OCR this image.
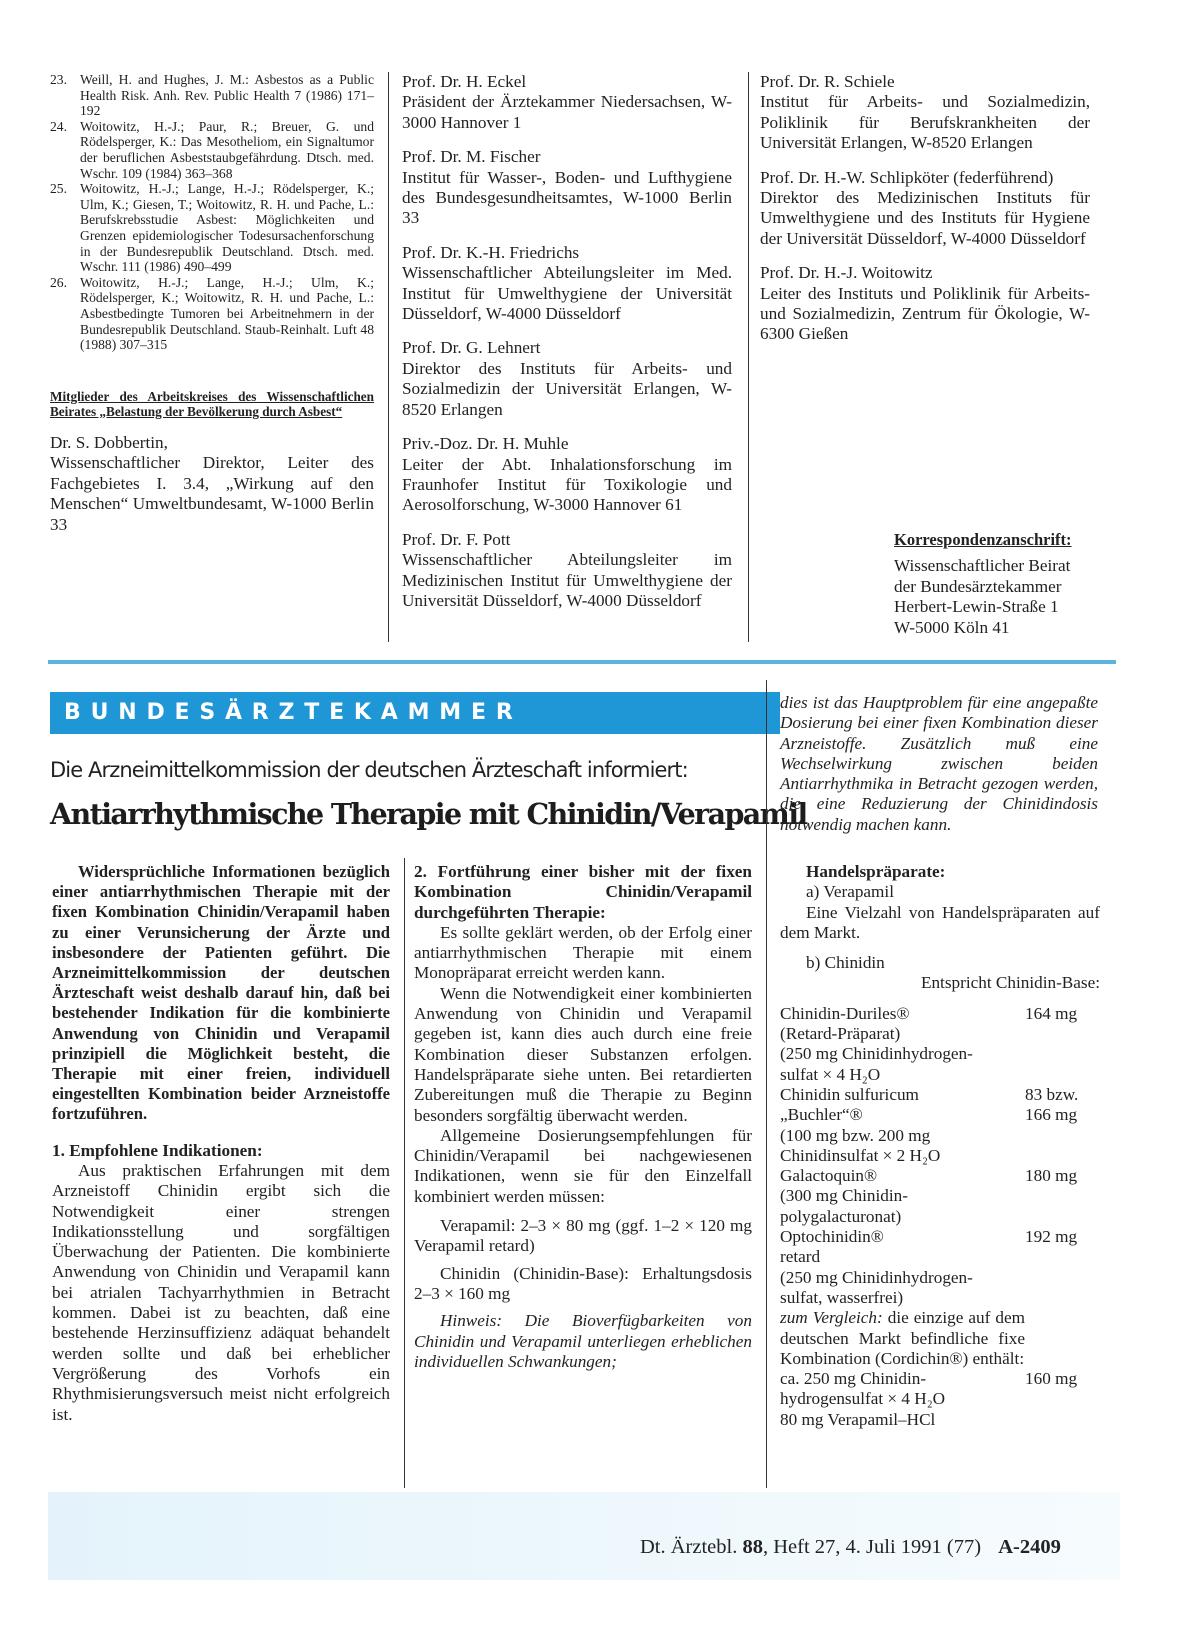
23. Weill, H. and Hughes, J. M.: Asbestos as a Public Health Risk. Anh. Rev. Public Health 7 (1986) 171–192
24. Woitowitz, H.-J.; Paur, R.; Breuer, G. und Rödelsperger, K.: Das Mesotheliom, ein Signaltumor der beruflichen Asbeststaubgefährdung. Dtsch. med. Wschr. 109 (1984) 363–368
25. Woitowitz, H.-J.; Lange, H.-J.; Rödelsperger, K.; Ulm, K.; Giesen, T.; Woitowitz, R. H. und Pache, L.: Berufskrebsstudie Asbest: Möglichkeiten und Grenzen epidemiologischer Todesursachenforschung in der Bundesrepublik Deutschland. Dtsch. med. Wschr. 111 (1986) 490–499
26. Woitowitz, H.-J.; Lange, H.-J.; Ulm, K.; Rödelsperger, K.; Woitowitz, R. H. und Pache, L.: Asbestbedingte Tumoren bei Arbeitnehmern in der Bundesrepublik Deutschland. Staub-Reinhalt. Luft 48 (1988) 307–315
Mitglieder des Arbeitskreises des Wissenschaftlichen Beirates „Belastung der Bevölkerung durch Asbest“
Dr. S. Dobbertin,
Wissenschaftlicher Direktor, Leiter des Fachgebietes I. 3.4, „Wirkung auf den Menschen“ Umweltbundesamt, W-1000 Berlin 33
Prof. Dr. H. Eckel
Präsident der Ärztekammer Niedersachsen, W-3000 Hannover 1
Prof. Dr. M. Fischer
Institut für Wasser-, Boden- und Lufthygiene des Bundesgesundheitsamtes, W-1000 Berlin 33
Prof. Dr. K.-H. Friedrichs
Wissenschaftlicher Abteilungsleiter im Med. Institut für Umwelthygiene der Universität Düsseldorf, W-4000 Düsseldorf
Prof. Dr. G. Lehnert
Direktor des Instituts für Arbeits- und Sozialmedizin der Universität Erlangen, W-8520 Erlangen
Priv.-Doz. Dr. H. Muhle
Leiter der Abt. Inhalationsforschung im Fraunhofer Institut für Toxikologie und Aerosolforschung, W-3000 Hannover 61
Prof. Dr. F. Pott
Wissenschaftlicher Abteilungsleiter im Medizinischen Institut für Umwelthygiene der Universität Düsseldorf, W-4000 Düsseldorf
Prof. Dr. R. Schiele
Institut für Arbeits- und Sozialmedizin, Poliklinik für Berufskrankheiten der Universität Erlangen, W-8520 Erlangen
Prof. Dr. H.-W. Schlipköter (federführend)
Direktor des Medizinischen Instituts für Umwelthygiene und des Instituts für Hygiene der Universität Düsseldorf, W-4000 Düsseldorf
Prof. Dr. H.-J. Woitowitz
Leiter des Instituts und Poliklinik für Arbeits- und Sozialmedizin, Zentrum für Ökologie, W-6300 Gießen
Korrespondenzanschrift:
Wissenschaftlicher Beirat
der Bundesärztekammer
Herbert-Lewin-Straße 1
W-5000 Köln 41
BUNDESÄRZTEKAMMER
Die Arzneimittelkommission der deutschen Ärzteschaft informiert:
Antiarrhythmische Therapie mit Chinidin/Verapamil
dies ist das Hauptproblem für eine angepaßte Dosierung bei einer fixen Kombination dieser Arzneistoffe. Zusätzlich muß eine Wechselwirkung zwischen beiden Antiarrhythmika in Betracht gezogen werden, die eine Reduzierung der Chinidindosis notwendig machen kann.

Widersprüchliche Informationen bezüglich einer antiarrhythmischen Therapie mit der fixen Kombination Chinidin/Verapamil haben zu einer Verunsicherung der Ärzte und insbesondere der Patienten geführt. Die Arzneimittelkommission der deutschen Ärzteschaft weist deshalb darauf hin, daß bei bestehender Indikation für die kombinierte Anwendung von Chinidin und Verapamil prinzipiell die Möglichkeit besteht, die Therapie mit einer freien, individuell eingestellten Kombination beider Arzneistoffe fortzuführen.

1. Empfohlene Indikationen:

Aus praktischen Erfahrungen mit dem Arzneistoff Chinidin ergibt sich die Notwendigkeit einer strengen Indikationsstellung und sorgfältigen Überwachung der Patienten. Die kombinierte Anwendung von Chinidin und Verapamil kann bei atrialen Tachyarrhythmien in Betracht kommen. Dabei ist zu beachten, daß eine bestehende Herzinsuffizienz adäquat behandelt werden sollte und daß bei erheblicher Vergrößerung des Vorhofs ein Rhythmisierungsversuch meist nicht erfolgreich ist.

2. Fortführung einer bisher mit der fixen Kombination Chinidin/Verapamil durchgeführten Therapie:

Es sollte geklärt werden, ob der Erfolg einer antiarrhythmischen Therapie mit einem Monopräparat erreicht werden kann.

Wenn die Notwendigkeit einer kombinierten Anwendung von Chinidin und Verapamil gegeben ist, kann dies auch durch eine freie Kombination dieser Substanzen erfolgen. Handelspräparate siehe unten. Bei retardierten Zubereitungen muß die Therapie zu Beginn besonders sorgfältig überwacht werden.

Allgemeine Dosierungsempfehlungen für Chinidin/Verapamil bei nachgewiesenen Indikationen, wenn sie für den Einzelfall kombiniert werden müssen:

Verapamil: 2–3 × 80 mg (ggf. 1–2 × 120 mg Verapamil retard)

Chinidin (Chinidin-Base): Erhaltungsdosis 2–3 × 160 mg

Hinweis: Die Bioverfügbarkeiten von Chinidin und Verapamil unterliegen erheblichen individuellen Schwankungen;

Handelspräparate:

a) Verapamil

Eine Vielzahl von Handelspräparaten auf dem Markt.

b) Chinidin

Entspricht Chinidin-Base:

Chinidin-Duriles®
(Retard-Präparat)
(250 mg Chinidinhydrogen-
sulfat × 4 H₂O
164 mg
Chinidin sulfuricum
„Buchler“®
(100 mg bzw. 200 mg
Chinidinsulfat × 2 H₂O
83 bzw.
166 mg
Galactoquin®
(300 mg Chinidin-
polygalacturonat)
180 mg
Optochinidin®
retard
(250 mg Chinidinhydrogen-
sulfat, wasserfrei)
192 mg
zum Vergleich: die einzige auf dem deutschen Markt befindliche fixe Kombination (Cordichin®) enthält:
ca. 250 mg Chinidin-
hydrogensulfat × 4 H₂O
160 mg
80 mg Verapamil–HCl
Dt. Ärztebl. 88, Heft 27, 4. Juli 1991 (77) A-2409
